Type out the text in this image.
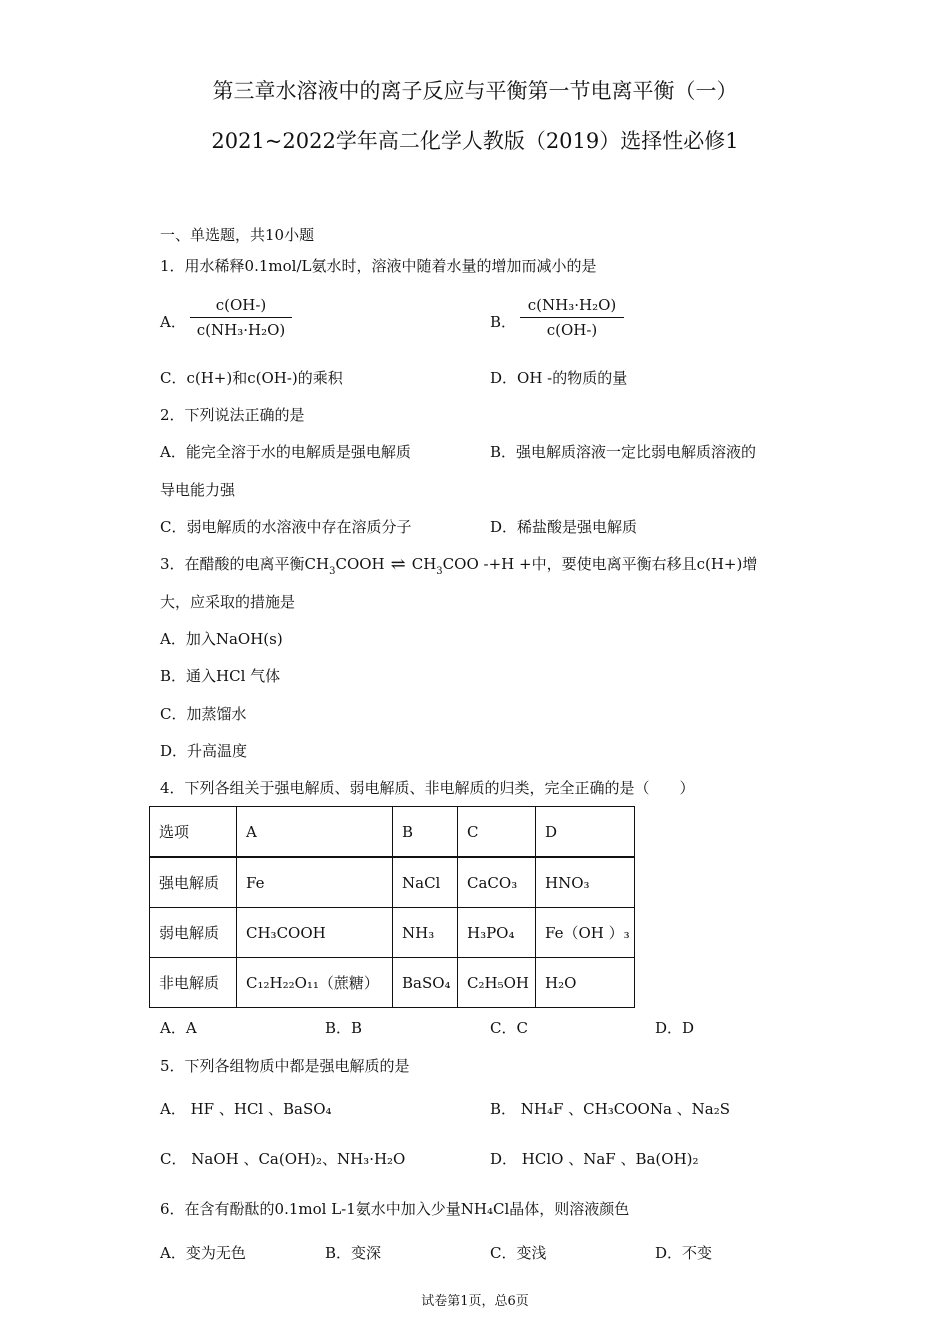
第三章水溶液中的离子反应与平衡第一节电离平衡（一）
2021~2022学年高二化学人教版（2019）选择性必修1
一、单选题，共10小题
1．用水稀释0.1mol/L氨水时，溶液中随着水量的增加而减小的是
A．
c(OH-)
c(NH₃·H₂O)	B．
c(NH₃·H₂O)
c(OH-)
C．c(H+)和c(OH-)的乘积	D．OH -的物质的量
2．下列说法正确的是
A．能完全溶于水的电解质是强电解质	B．强电解质溶液一定比弱电解质溶液的
导电能力强
C．弱电解质的水溶液中存在溶质分子	D．稀盐酸是强电解质
3．在醋酸的电离平衡$CH_3COOH$ ⇌ $CH_3COO$ -+H +中，要使电离平衡右移且c(H+)增
大，应采取的措施是
A．加入NaOH(s)
B．通入HCl 气体
C．加蒸馏水
D．升高温度
4．下列各组关于强电解质、弱电解质、非电解质的归类，完全正确的是（　　）
选项	A	B	C	D
强电解质	Fe	NaCl	CaCO₃	HNO₃
弱电解质	CH₃COOH	NH₃	H₃PO₄	Fe（OH ）₃
非电解质	C₁₂H₂₂O₁₁（蔗糖）	BaSO₄	C₂H₅OH	H₂O
A．A	B．B	C．C	D．D
5．下列各组物质中都是强电解质的是
A． HF 、HCl 、BaSO₄	B． NH₄F 、CH₃COONa 、Na₂S
C． NaOH 、Ca(OH)₂、NH₃·H₂O	D． HClO 、NaF 、Ba(OH)₂
6．在含有酚酞的0.1mol L-1氨水中加入少量NH₄Cl晶体，则溶液颜色
A．变为无色	B．变深	C．变浅	D．不变
试卷第1页，总6页
